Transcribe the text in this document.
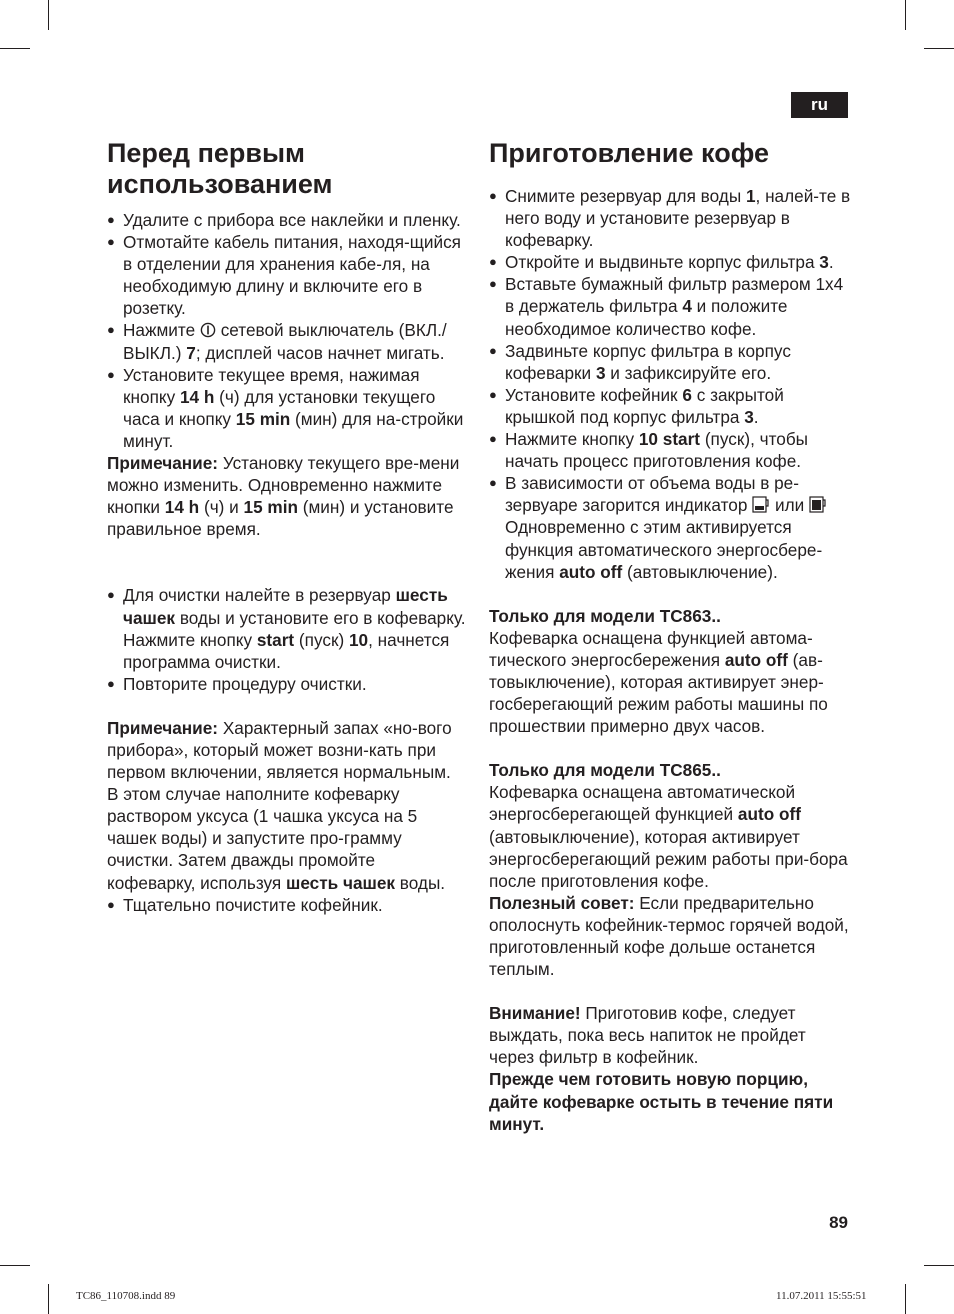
ru
Перед первым использованием

● Удалите с прибора все наклейки и пленку.

● Отмотайте кабель питания, находя-щийся в отделении для хранения кабе-ля, на необходимую длину и включите его в розетку.

● Нажмите сетевой выключатель (ВКЛ./ВЫКЛ.) 7; дисплей часов начнет мигать.

● Установите текущее время, нажимая кнопку 14 h (ч) для установки текущего часа и кнопку 15 min (мин) для на-стройки минут.

Примечание: Установку текущего вре-мени можно изменить. Одновременно нажмите кнопки 14 h (ч) и 15 min (мин) и установите правильное время.

● Для очистки налейте в резервуар шесть чашек воды и установите его в кофеварку. Нажмите кнопку start (пуск) 10, начнется программа очистки.

● Повторите процедуру очистки.

Примечание: Характерный запах «но-вого прибора», который может возни-кать при первом включении, является нормальным. В этом случае наполните кофеварку раствором уксуса (1 чашка уксуса на 5 чашек воды) и запустите про-грамму очистки. Затем дважды промойте кофеварку, используя шесть чашек воды.

● Тщательно почистите кофейник.

Приготовление кофе

● Снимите резервуар для воды 1, налей-те в него воду и установите резервуар в кофеварку.

● Откройте и выдвиньте корпус фильтра 3.

● Вставьте бумажный фильтр размером 1x4 в держатель фильтра 4 и положите необходимое количество кофе.

● Задвиньте корпус фильтра в корпус кофеварки 3 и зафиксируйте его.

● Установите кофейник 6 с закрытой крышкой под корпус фильтра 3.

● Нажмите кнопку 10 start (пуск), чтобы начать процесс приготовления кофе.

● В зависимости от объема воды в ре-зервуаре загорится индикатор или  Одновременно с этим активируется функция автоматического энергосбере-жения auto off (автовыключение).

Только для модели TC863..

Кофеварка оснащена функцией автома-тического энергосбережения auto off (ав-товыключение), которая активирует энер-госберегающий режим работы машины по прошествии примерно двух часов.

Только для модели TC865..

Кофеварка оснащена автоматической энергосберегающей функцией auto off (автовыключение), которая активирует энергосберегающий режим работы при-бора после приготовления кофе.

Полезный совет: Если предварительно ополоснуть кофейник-термос горячей водой, приготовленный кофе дольше останется теплым.

Внимание! Приготовив кофе, следует выждать, пока весь напиток не пройдет через фильтр в кофейник.

Прежде чем готовить новую порцию, дайте кофеварке остыть в течение пяти минут.

89
TC86_110708.indd 89	11.07.2011 15:55:51
